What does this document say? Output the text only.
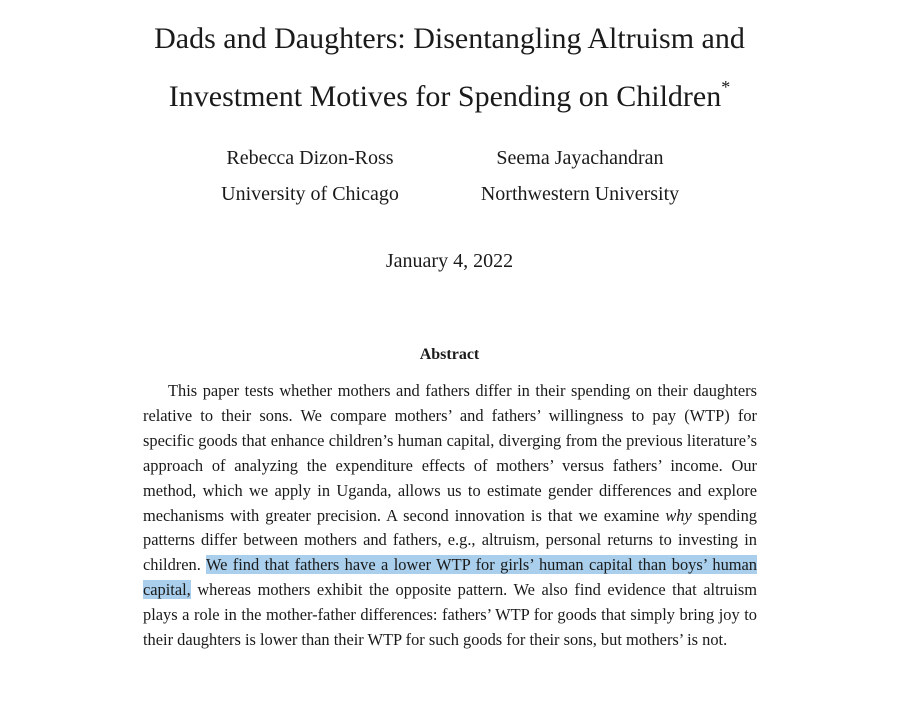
Dads and Daughters: Disentangling Altruism and
Investment Motives for Spending on Children*
Rebecca Dizon-Ross
University of Chicago
Seema Jayachandran
Northwestern University
January 4, 2022
Abstract

This paper tests whether mothers and fathers differ in their spending on their daughters relative to their sons. We compare mothers’ and fathers’ willingness to pay (WTP) for specific goods that enhance children’s human capital, diverging from the previous literature’s approach of analyzing the expenditure effects of mothers’ versus fathers’ income. Our method, which we apply in Uganda, allows us to estimate gender differences and explore mechanisms with greater precision. A second innovation is that we examine why spending patterns differ between mothers and fathers, e.g., altruism, personal returns to investing in children. We find that fathers have a lower WTP for girls’ human capital than boys’ human capital, whereas mothers exhibit the opposite pattern. We also find evidence that altruism plays a role in the mother-father differences: fathers’ WTP for goods that simply bring joy to their daughters is lower than their WTP for such goods for their sons, but mothers’ is not.
